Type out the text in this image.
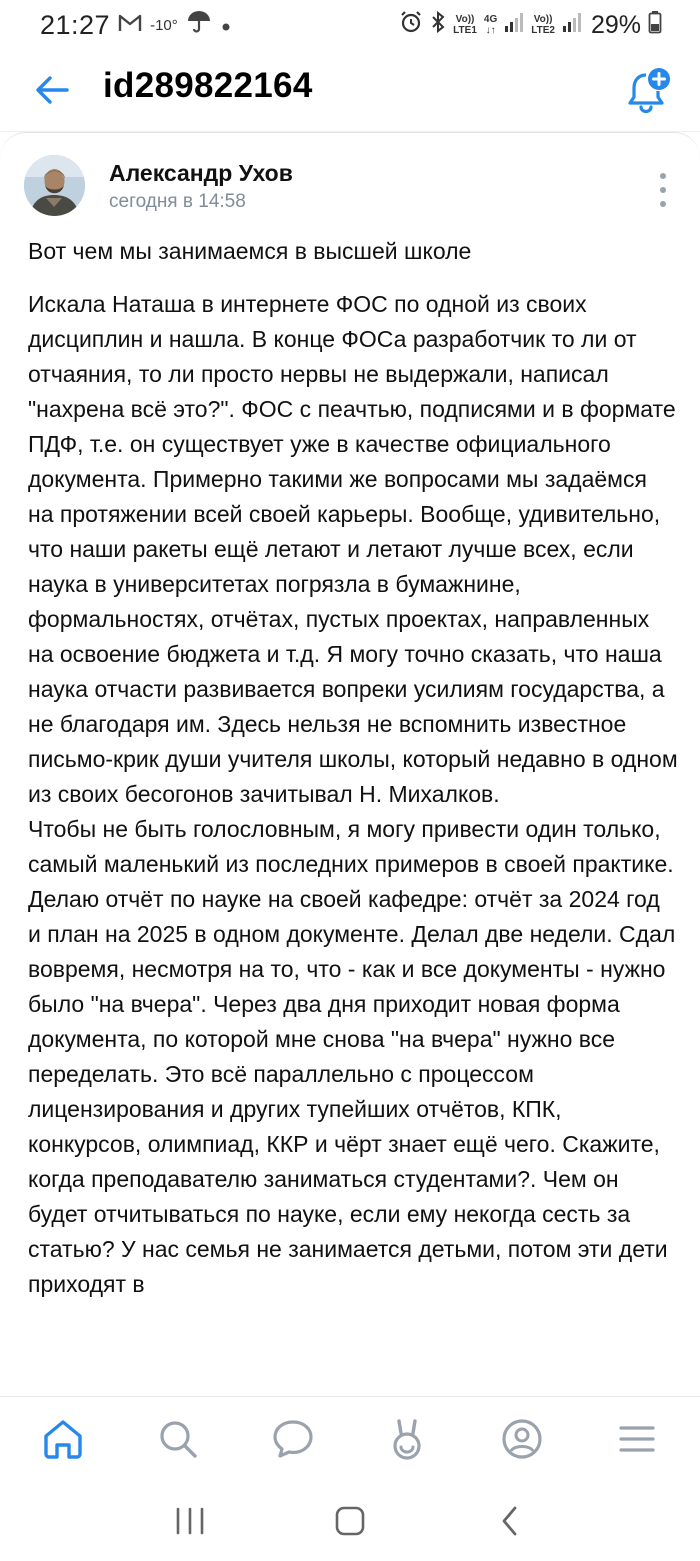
21:27	-10°	Vo))
LTE1
4G
↓↑
Vo))
LTE2 29%
id289822164
Александр Ухов
сегодня в 14:58

Вот чем мы занимаемся в высшей школе

Искала Наташа в интернете ФОС по одной из своих дисциплин и нашла. В конце ФОСа разработчик то ли от отчаяния, то ли просто нервы не выдержали, написал "нахрена всё это?". ФОС с пеачтью, подписями и в формате ПДФ, т.е. он существует уже в качестве официального документа. Примерно такими же вопросами мы задаёмся на протяжении всей своей карьеры. Вообще, удивительно, что наши ракеты ещё летают и летают лучше всех, если наука в университетах погрязла в бумажнине, формальностях, отчётах, пустых проектах, направленных на освоение бюджета и т.д. Я могу точно сказать, что наша наука отчасти развивается вопреки усилиям государства, а не благодаря им. Здесь нельзя не вспомнить известное письмо-крик души учителя школы, который недавно в одном из своих бесогонов зачитывал Н. Михалков.
Чтобы не быть голословным, я могу привести один только, самый маленький из последних примеров в своей практике. Делаю отчёт по науке на своей кафедре: отчёт за 2024 год и план на 2025 в одном документе. Делал две недели. Сдал вовремя, несмотря на то, что - как и все документы - нужно было "на вчера". Через два дня приходит новая форма документа, по которой мне снова "на вчера" нужно все переделать. Это всё параллельно с процессом лицензирования и других тупейших отчётов, КПК, конкурсов, олимпиад, ККР и чёрт знает ещё чего. Скажите, когда преподавателю заниматься студентами?. Чем он будет отчитываться по науке, если ему некогда сесть за статью? У нас семья не занимается детьми, потом эти дети приходят в
